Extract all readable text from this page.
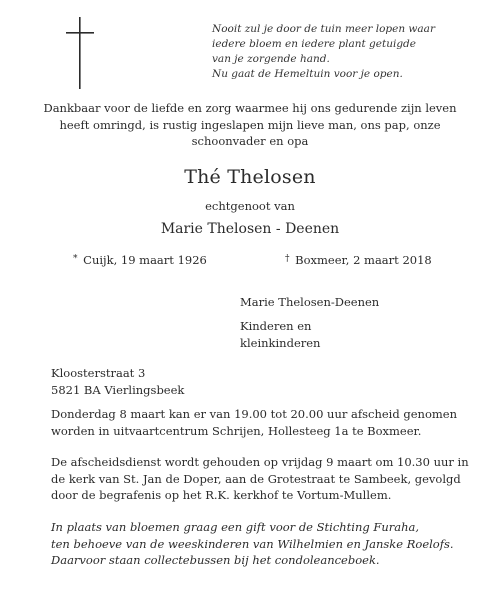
Nooit zul je door de tuin meer lopen waar
iedere bloem en iedere plant getuigde
van je zorgende hand.
Nu gaat de Hemeltuin voor je open.
Dankbaar voor de liefde en zorg waarmee hij ons gedurende zijn leven
heeft omringd, is rustig ingeslapen mijn lieve man, ons pap, onze
schoonvader en opa
Thé Thelosen
echtgenoot van
Marie Thelosen - Deenen
* Cuijk, 19 maart 1926	† Boxmeer, 2 maart 2018
Marie Thelosen-Deenen
Kinderen en
kleinkinderen
Kloosterstraat 3
5821 BA Vierlingsbeek
Donderdag 8 maart kan er van 19.00 tot 20.00 uur afscheid genomen
worden in uitvaartcentrum Schrijen, Hollesteeg 1a te Boxmeer.
De afscheidsdienst wordt gehouden op vrijdag 9 maart om 10.30 uur in
de kerk van St. Jan de Doper, aan de Grotestraat te Sambeek, gevolgd
door de begrafenis op het R.K. kerkhof te Vortum-Mullem.
In plaats van bloemen graag een gift voor de Stichting Furaha,
ten behoeve van de weeskinderen van Wilhelmien en Janske Roelofs.
Daarvoor staan collectebussen bij het condoleanceboek.
